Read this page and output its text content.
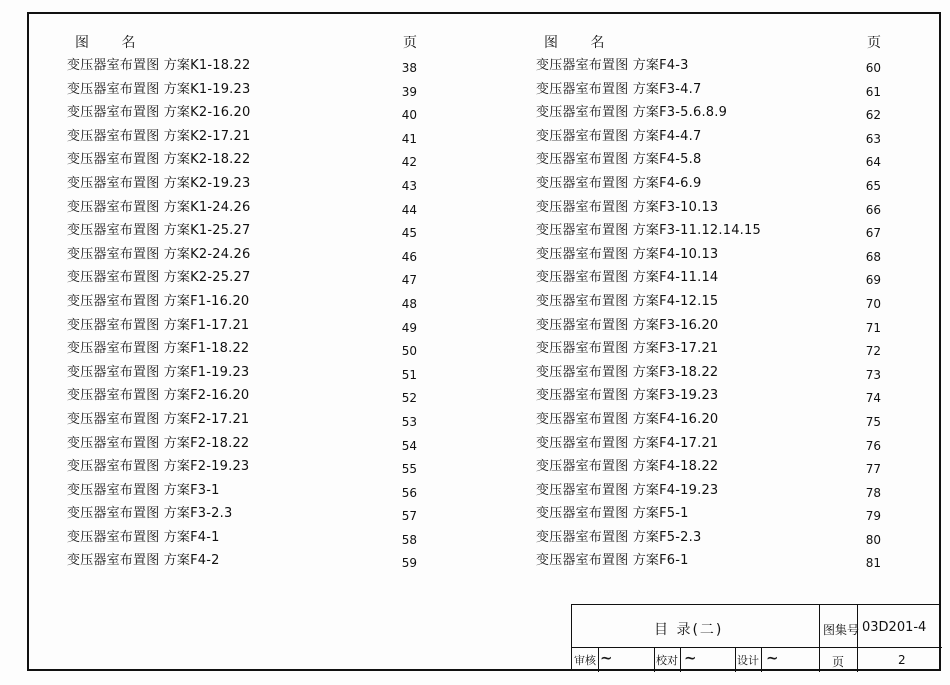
图 名	页
变压器室布置图 方案K1-18.22	38
变压器室布置图 方案K1-19.23	39
变压器室布置图 方案K2-16.20	40
变压器室布置图 方案K2-17.21	41
变压器室布置图 方案K2-18.22	42
变压器室布置图 方案K2-19.23	43
变压器室布置图 方案K1-24.26	44
变压器室布置图 方案K1-25.27	45
变压器室布置图 方案K2-24.26	46
变压器室布置图 方案K2-25.27	47
变压器室布置图 方案F1-16.20	48
变压器室布置图 方案F1-17.21	49
变压器室布置图 方案F1-18.22	50
变压器室布置图 方案F1-19.23	51
变压器室布置图 方案F2-16.20	52
变压器室布置图 方案F2-17.21	53
变压器室布置图 方案F2-18.22	54
变压器室布置图 方案F2-19.23	55
变压器室布置图 方案F3-1	56
变压器室布置图 方案F3-2.3	57
变压器室布置图 方案F4-1	58
变压器室布置图 方案F4-2	59
图 名	页
变压器室布置图 方案F4-3	60
变压器室布置图 方案F3-4.7	61
变压器室布置图 方案F3-5.6.8.9	62
变压器室布置图 方案F4-4.7	63
变压器室布置图 方案F4-5.8	64
变压器室布置图 方案F4-6.9	65
变压器室布置图 方案F3-10.13	66
变压器室布置图 方案F3-11.12.14.15	67
变压器室布置图 方案F4-10.13	68
变压器室布置图 方案F4-11.14	69
变压器室布置图 方案F4-12.15	70
变压器室布置图 方案F3-16.20	71
变压器室布置图 方案F3-17.21	72
变压器室布置图 方案F3-18.22	73
变压器室布置图 方案F3-19.23	74
变压器室布置图 方案F4-16.20	75
变压器室布置图 方案F4-17.21	76
变压器室布置图 方案F4-18.22	77
变压器室布置图 方案F4-19.23	78
变压器室布置图 方案F5-1	79
变压器室布置图 方案F5-2.3	80
变压器室布置图 方案F6-1	81
目 录(二)	图集号 03D201-4
审核 ~	校对 ~	设计 ~	页	2
